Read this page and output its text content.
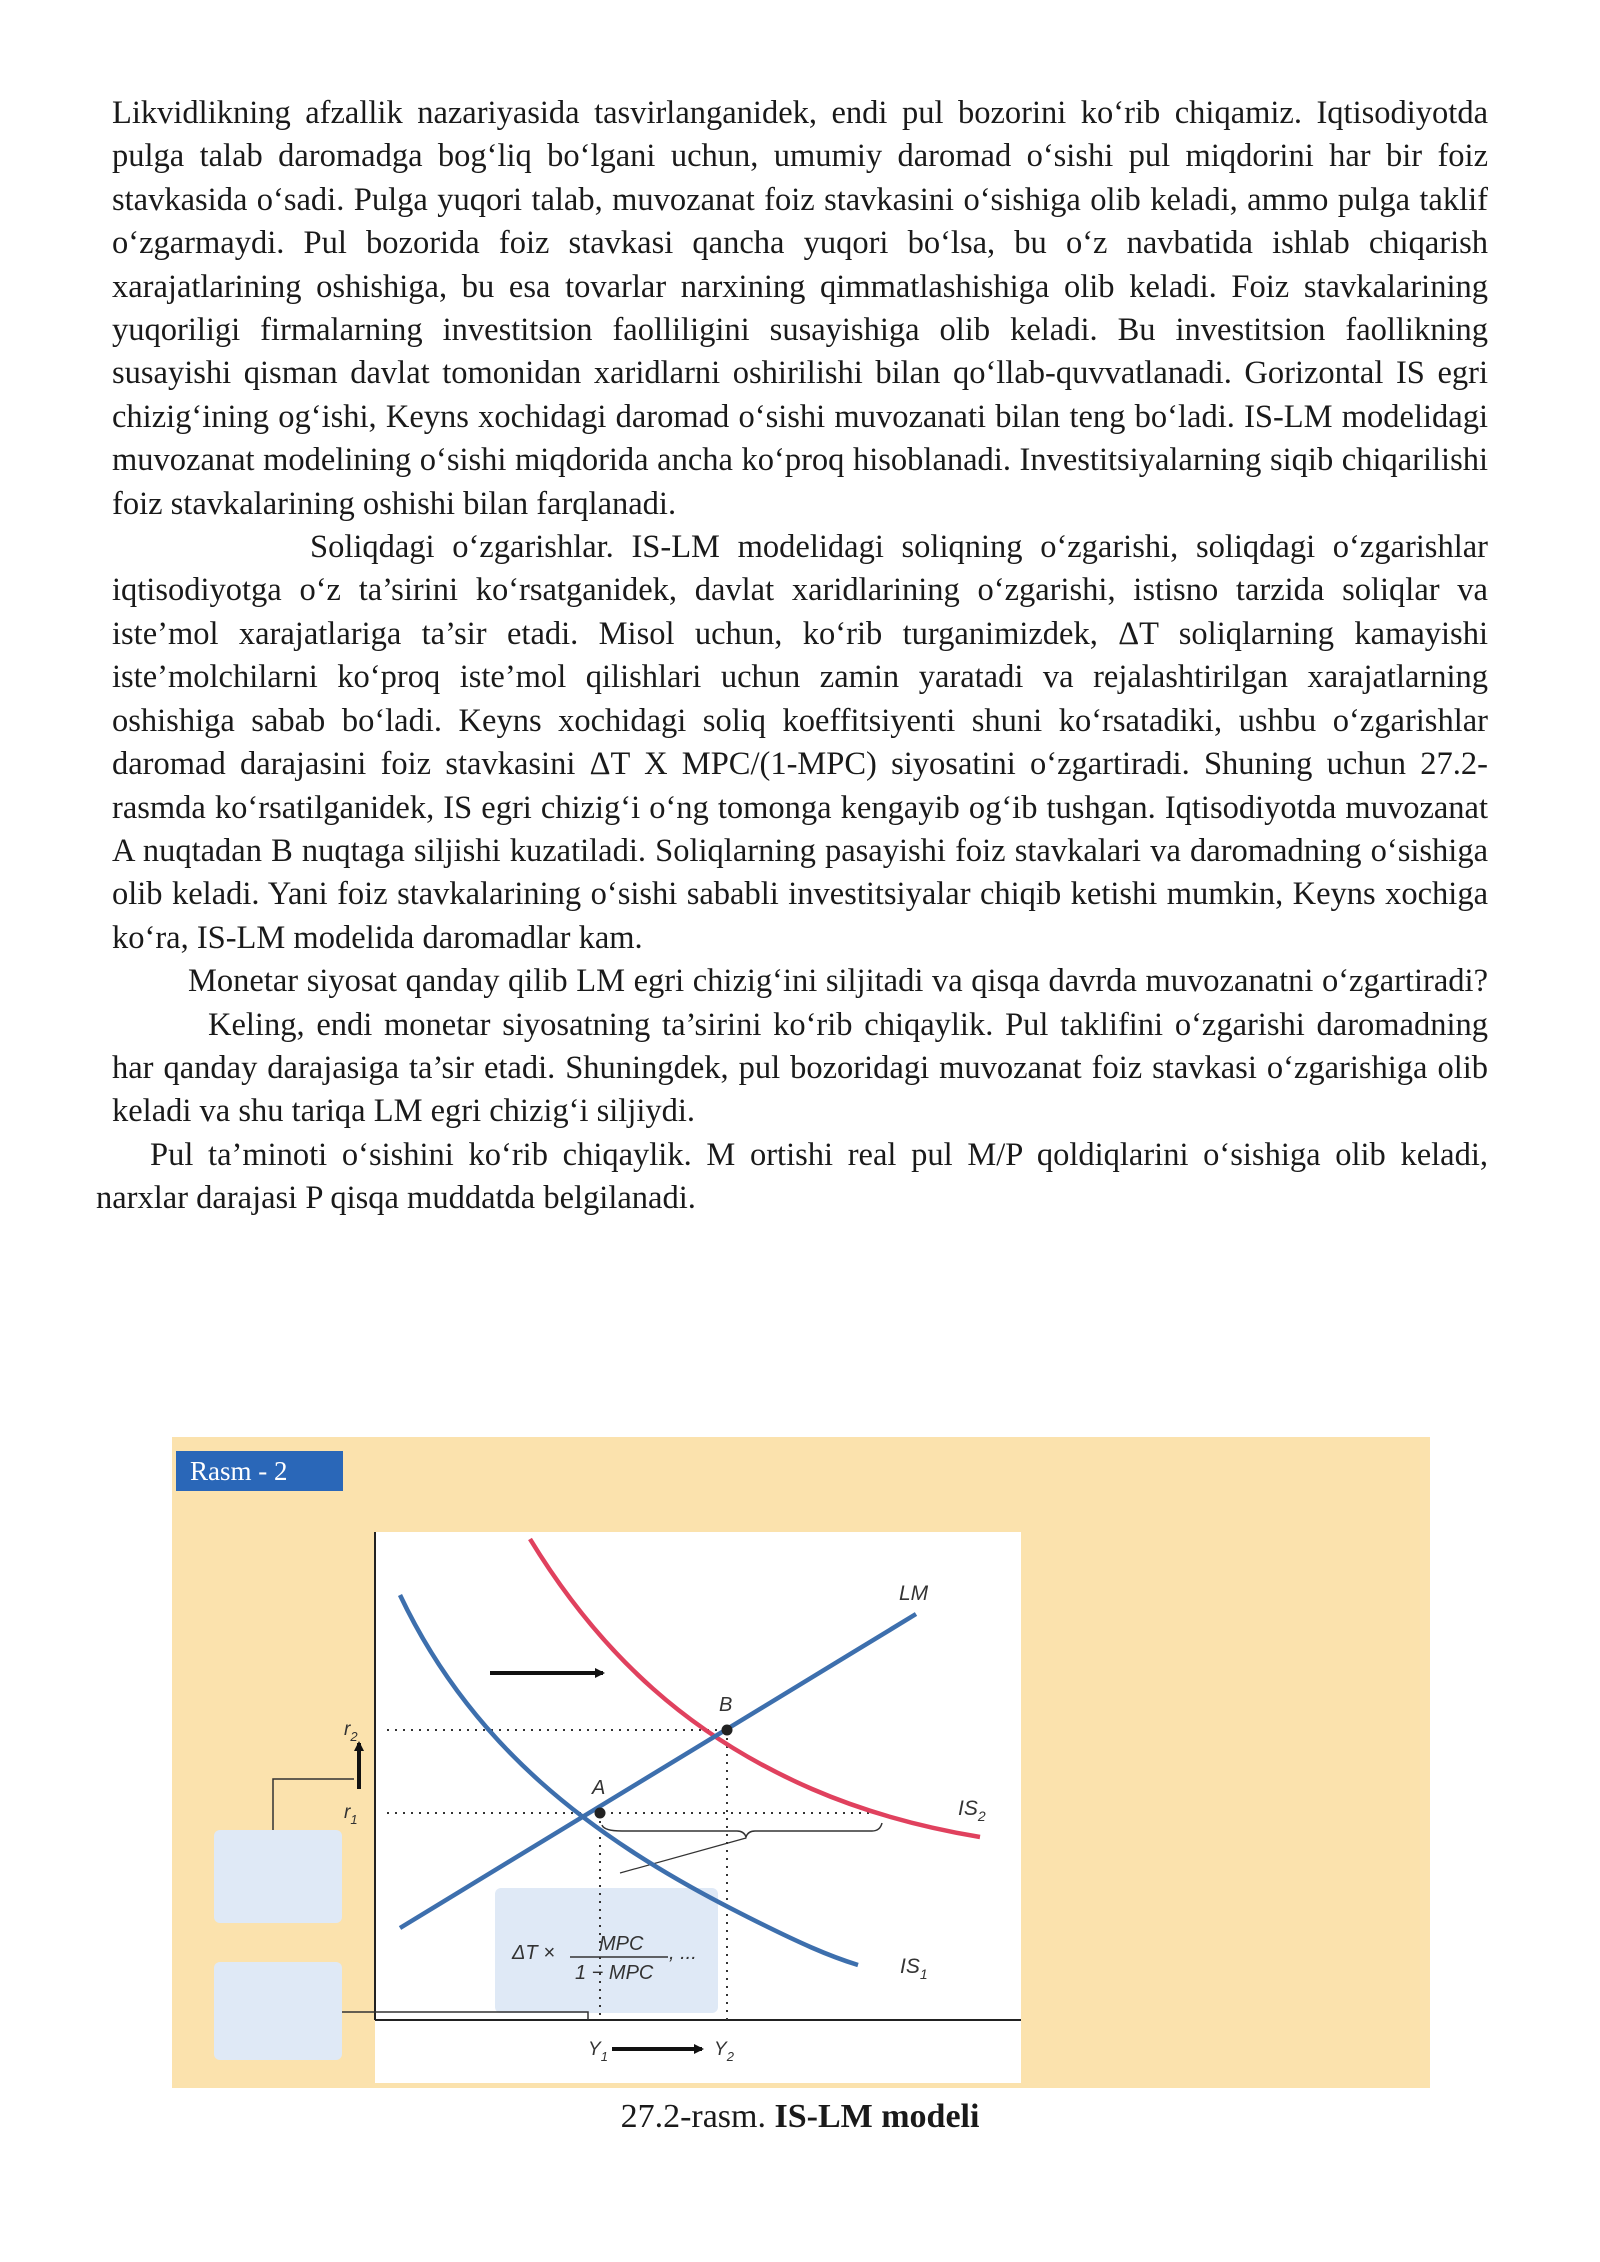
Likvidlikning afzallik nazariyasida tasvirlanganidek, endi pul bozorini ko‘rib chiqamiz. Iqtisodiyotda pulga talab daromadga bog‘liq bo‘lgani uchun, umumiy daromad o‘sishi pul miqdorini har bir foiz stavkasida o‘sadi. Pulga yuqori talab, muvozanat foiz stavkasini o‘sishiga olib keladi, ammo pulga taklif o‘zgarmaydi. Pul bozorida foiz stavkasi qancha yuqori bo‘lsa, bu o‘z navbatida ishlab chiqarish xarajatlarining oshishiga, bu esa tovarlar narxining qimmatlashishiga olib keladi. Foiz stavkalarining yuqoriligi firmalarning investitsion faolliligini susayishiga olib keladi. Bu investitsion faollikning susayishi qisman davlat tomonidan xaridlarni oshirilishi bilan qo‘llab-quvvatlanadi. Gorizontal IS egri chizig‘ining og‘ishi, Keyns xochidagi daromad o‘sishi muvozanati bilan teng bo‘ladi. IS-LM modelidagi muvozanat modelining o‘sishi miqdorida ancha ko‘proq hisoblanadi. Investitsiyalarning siqib chiqarilishi foiz stavkalarining oshishi bilan farqlanadi.

Soliqdagi o‘zgarishlar. IS-LM modelidagi soliqning o‘zgarishi, soliqdagi o‘zgarishlar iqtisodiyotga o‘z ta’sirini ko‘rsatganidek, davlat xaridlarining o‘zgarishi, istisno tarzida soliqlar va iste’mol xarajatlariga ta’sir etadi. Misol uchun, ko‘rib turganimizdek, ΔT soliqlarning kamayishi iste’molchilarni ko‘proq iste’mol qilishlari uchun zamin yaratadi va rejalashtirilgan xarajatlarning oshishiga sabab bo‘ladi. Keyns xochidagi soliq koeffitsiyenti shuni ko‘rsatadiki, ushbu o‘zgarishlar daromad darajasini foiz stavkasini ΔT X MPC/(1-MPC) siyosatini o‘zgartiradi. Shuning uchun 27.2-rasmda ko‘rsatilganidek, IS egri chizig‘i o‘ng tomonga kengayib og‘ib tushgan. Iqtisodiyotda muvozanat A nuqtadan B nuqtaga siljishi kuzatiladi. Soliqlarning pasayishi foiz stavkalari va daromadning o‘sishiga olib keladi. Yani foiz stavkalarining o‘sishi sababli investitsiyalar chiqib ketishi mumkin, Keyns xochiga ko‘ra, IS-LM modelida daromadlar kam.

Monetar siyosat qanday qilib LM egri chizig‘ini siljitadi va qisqa davrda muvozanatni o‘zgartiradi?

Keling, endi monetar siyosatning ta’sirini ko‘rib chiqaylik. Pul taklifini o‘zgarishi daromadning har qanday darajasiga ta’sir etadi. Shuningdek, pul bozoridagi muvozanat foiz stavkasi o‘zgarishiga olib keladi va shu tariqa LM egri chizig‘i siljiydi.

Pul ta’minoti o‘sishini ko‘rib chiqaylik. M ortishi real pul M/P qoldiqlarini o‘sishiga olib keladi, narxlar darajasi P qisqa muddatda belgilanadi.

Rasm - 2
LM
$IS_2$
$IS_1$
A
B
$r_2$
$r_1$
$Y_1$	$Y_2$
ΔT × MPC
1 − MPC
, ...
27.2-rasm. IS-LM modeli
